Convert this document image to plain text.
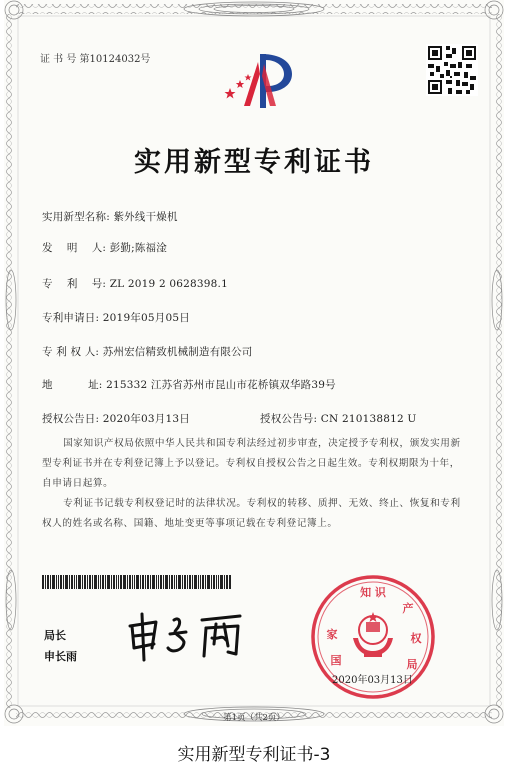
证 书 号 第10124032号
实用新型专利证书
实用新型名称: 紫外线干燥机
发    明    人: 彭勤;陈福淦
专    利    号: ZL 2019 2 0628398.1
专利申请日: 2019年05月05日
专 利 权 人: 苏州宏信精致机械制造有限公司
地          址: 215332 江苏省苏州市昆山市花桥镇双华路39号
授权公告日: 2020年03月13日	授权公告号: CN 210138812 U
国家知识产权局依照中华人民共和国专利法经过初步审查，决定授予专利权，颁发实用新型专利证书并在专利登记簿上予以登记。专利权自授权公告之日起生效。专利权期限为十年，自申请日起算。
专利证书记载专利权登记时的法律状况。专利权的转移、质押、无效、终止、恢复和专利权人的姓名或名称、国籍、地址变更等事项记载在专利登记簿上。
局长
申长雨
知 识
家
国
产
权
局
2020年03月13日
第1页（共2页）
实用新型专利证书-3
